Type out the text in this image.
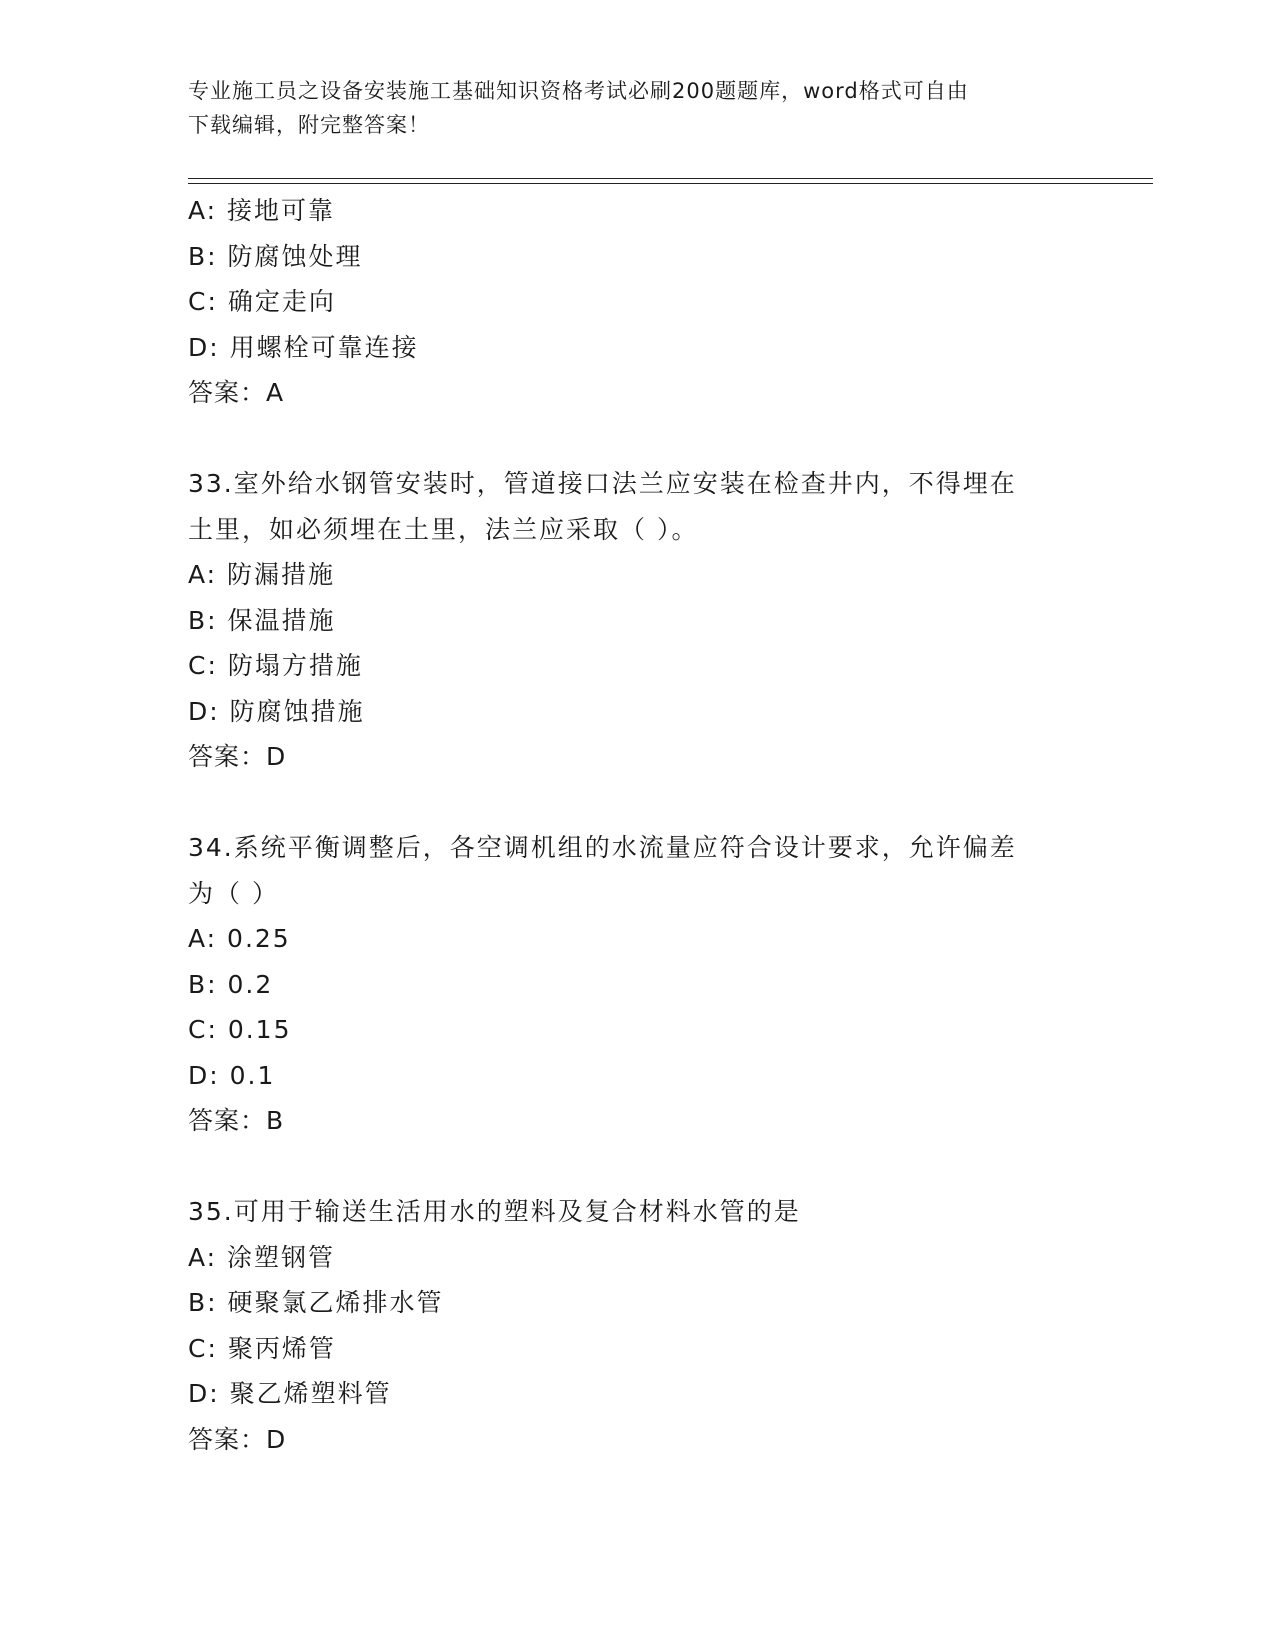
专业施工员之设备安装施工基础知识资格考试必刷200题题库，word格式可自由
下载编辑，附完整答案！
A: 接地可靠
B: 防腐蚀处理
C: 确定走向
D: 用螺栓可靠连接
答案：A
33.室外给水钢管安装时，管道接口法兰应安装在检查井内，不得埋在
土里，如必须埋在土里，法兰应采取（ ）。
A: 防漏措施
B: 保温措施
C: 防塌方措施
D: 防腐蚀措施
答案：D
34.系统平衡调整后，各空调机组的水流量应符合设计要求，允许偏差
为（ ）
A: 0.25
B: 0.2
C: 0.15
D: 0.1
答案：B
35.可用于输送生活用水的塑料及复合材料水管的是
A: 涂塑钢管
B: 硬聚氯乙烯排水管
C: 聚丙烯管
D: 聚乙烯塑料管
答案：D
